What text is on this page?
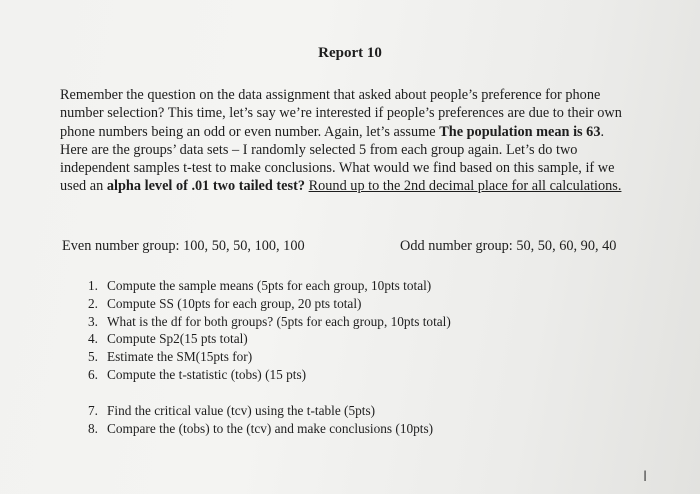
Report 10

Remember the question on the data assignment that asked about people’s preference for phone number selection? This time, let’s say we’re interested if people’s preferences are due to their own phone numbers being an odd or even number. Again, let’s assume The population mean is 63. Here are the groups’ data sets – I randomly selected 5 from each group again. Let’s do two independent samples t-test to make conclusions. What would we find based on this sample, if we used an alpha level of .01 two tailed test? Round up to the 2nd decimal place for all calculations.

Even number group: 100, 50, 50, 100, 100	Odd number group: 50, 50, 60, 90, 40
1. Compute the sample means (5pts for each group, 10pts total)
2. Compute SS (10pts for each group, 20 pts total)
3. What is the df for both groups? (5pts for each group, 10pts total)
4. Compute Sp2(15 pts total)
5. Estimate the SM(15pts for)
6. Compute the t-statistic (tobs) (15 pts)
7. Find the critical value (tcv) using the t-table (5pts)
8. Compare the (tobs) to the (tcv) and make conclusions (10pts)
I
